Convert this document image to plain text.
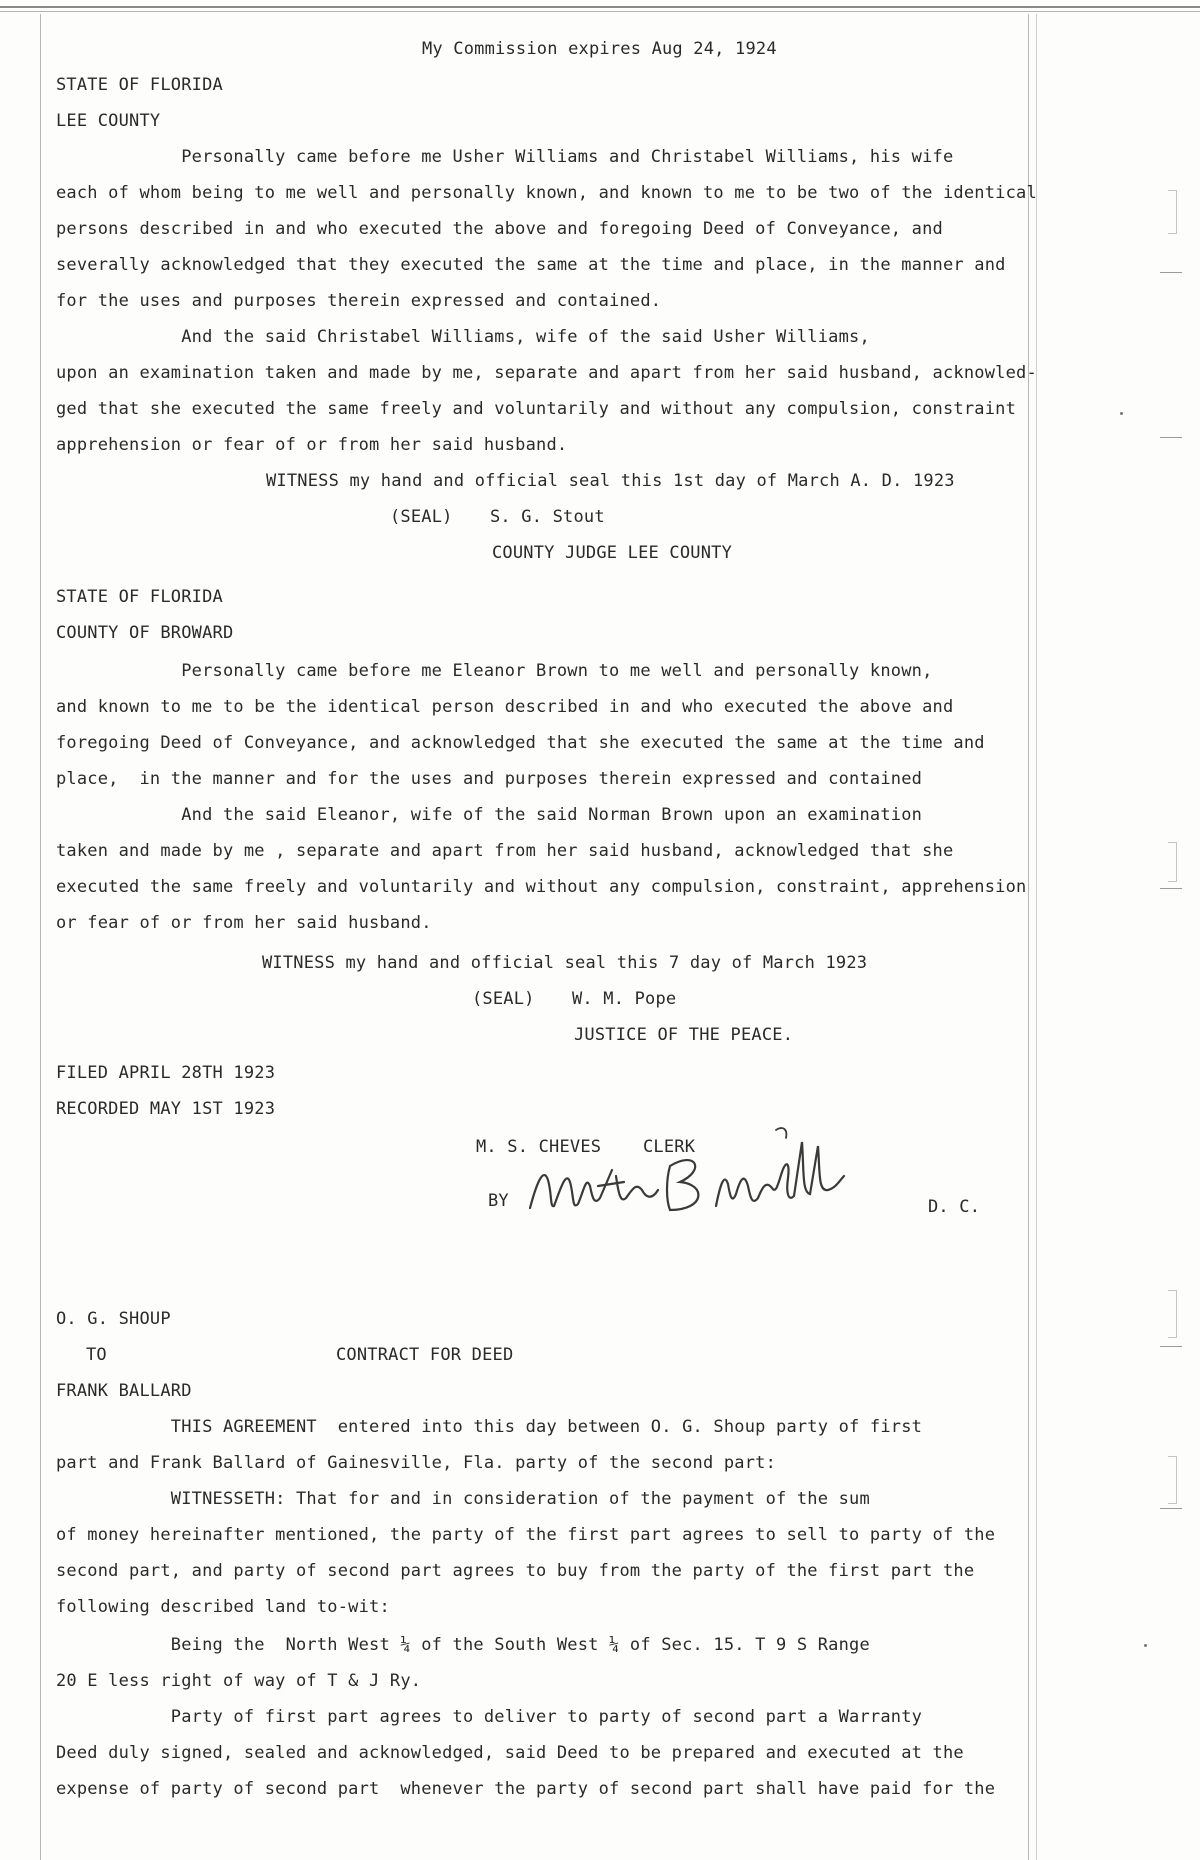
My Commission expires Aug 24, 1924
STATE OF FLORIDA
LEE COUNTY
Personally came before me Usher Williams and Christabel Williams, his wife
each of whom being to me well and personally known, and known to me to be two of the identical
persons described in and who executed the above and foregoing Deed of Conveyance, and
severally acknowledged that they executed the same at the time and place, in the manner and
for the uses and purposes therein expressed and contained.
And the said Christabel Williams, wife of the said Usher Williams,
upon an examination taken and made by me, separate and apart from her said husband, acknowled-
ged that she executed the same freely and voluntarily and without any compulsion, constraint
apprehension or fear of or from her said husband.
WITNESS my hand and official seal this 1st day of March A. D. 1923
(SEAL) S. G. Stout
COUNTY JUDGE LEE COUNTY
STATE OF FLORIDA
COUNTY OF BROWARD
Personally came before me Eleanor Brown to me well and personally known,
and known to me to be the identical person described in and who executed the above and
foregoing Deed of Conveyance, and acknowledged that she executed the same at the time and
place,  in the manner and for the uses and purposes therein expressed and contained
And the said Eleanor, wife of the said Norman Brown upon an examination
taken and made by me , separate and apart from her said husband, acknowledged that she
executed the same freely and voluntarily and without any compulsion, constraint, apprehension
or fear of or from her said husband.
WITNESS my hand and official seal this 7 day of March 1923
(SEAL) W. M. Pope
JUSTICE OF THE PEACE.
FILED APRIL 28TH 1923
RECORDED MAY 1ST 1923
M. S. CHEVES    CLERK
BY	D. C.
O. G. SHOUP
TO	CONTRACT FOR DEED
FRANK BALLARD
THIS AGREEMENT  entered into this day between O. G. Shoup party of first
part and Frank Ballard of Gainesville, Fla. party of the second part:
WITNESSETH: That for and in consideration of the payment of the sum
of money hereinafter mentioned, the party of the first part agrees to sell to party of the
second part, and party of second part agrees to buy from the party of the first part the
following described land to-wit:
Being the  North West ¼ of the South West ¼ of Sec. 15. T 9 S Range
20 E less right of way of T & J Ry.
Party of first part agrees to deliver to party of second part a Warranty
Deed duly signed, sealed and acknowledged, said Deed to be prepared and executed at the
expense of party of second part  whenever the party of second part shall have paid for the
